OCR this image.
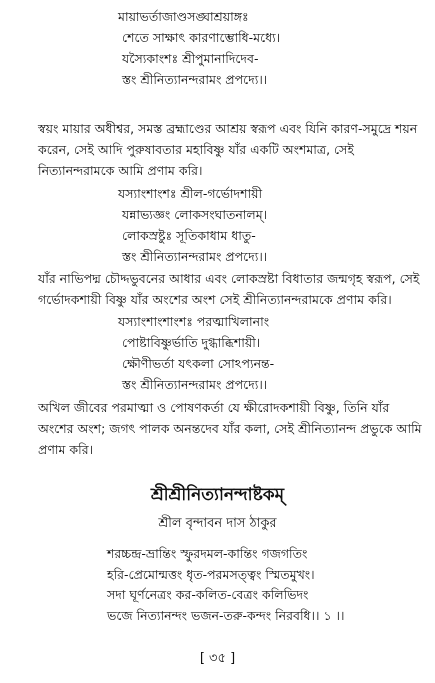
মায়াভর্তাজাণ্ডসঙ্ঘাশ্রয়াঙ্গঃ
শেতে সাক্ষাৎ কারণাম্ভোধি-মধ্যে।
যস্যৈকাংশঃ শ্রীপুমানাদিদেব-
স্তং শ্রীনিত্যানন্দরামং প্রপদ্যে।।

স্বয়ং মায়ার অধীশ্বর, সমস্ত ব্রহ্মাণ্ডের আশ্রয় স্বরূপ এবং যিনি কারণ-সমুদ্রে শয়ন করেন, সেই আদি পুরুষাবতার মহাবিষ্ণু যাঁর একটি অংশমাত্র, সেই নিত্যানন্দরামকে আমি প্রণাম করি।

যস্যাংশাংশঃ শ্রীল-গর্ভোদশায়ী
যন্নাভ্যজ্ঞং লোকসংঘাতনালম্‌।
লোকস্রষ্টুঃ সূতিকাধাম ধাতু-
স্তং শ্রীনিত্যানন্দরামং প্রপদ্যে।।

যাঁর নাভিপদ্ম চৌদ্দভুবনের আধার এবং লোকস্রষ্টা বিধাতার জন্মগৃহ স্বরূপ, সেই গর্ভোদকশায়ী বিষ্ণু যাঁর অংশের অংশ সেই শ্রীনিত্যানন্দরামকে প্রণাম করি।

যস্যাংশাংশাংশঃ পরত্মাখিলানাং
পোষ্টাবিষ্ণুর্ভাতি দুগ্ধাব্ধিশায়ী।
ক্ষৌণীভর্তা যৎকলা সোঽপ্যনন্ত-
স্তং শ্রীনিত্যানন্দরামং প্রপদ্যে।।

অখিল জীবের পরমাত্মা ও পোষণকর্তা যে ক্ষীরোদকশায়ী বিষ্ণু, তিনি যাঁর অংশের অংশ; জগৎ পালক অনন্তদেব যাঁর কলা, সেই শ্রীনিত্যানন্দ প্রভুকে আমি প্রণাম করি।

শ্রীশ্রীনিত্যানন্দাষ্টকম্‌
শ্রীল বৃন্দাবন দাস ঠাকুর
শরচ্চন্দ্র-ভ্রান্তিং স্ফুরদমল-কান্তিং গজগতিং
হরি-প্রেমোন্মত্তং ধৃত-পরমসত্ত্বং স্মিতমুখং।
সদা ঘূর্ণনেত্রং কর-কলিত-বেত্রং কলিভিদং
ভজে নিত্যানন্দং ভজন-তরু-কন্দং নিরবধি।। ১ ।।
[ ৩৫ ]
